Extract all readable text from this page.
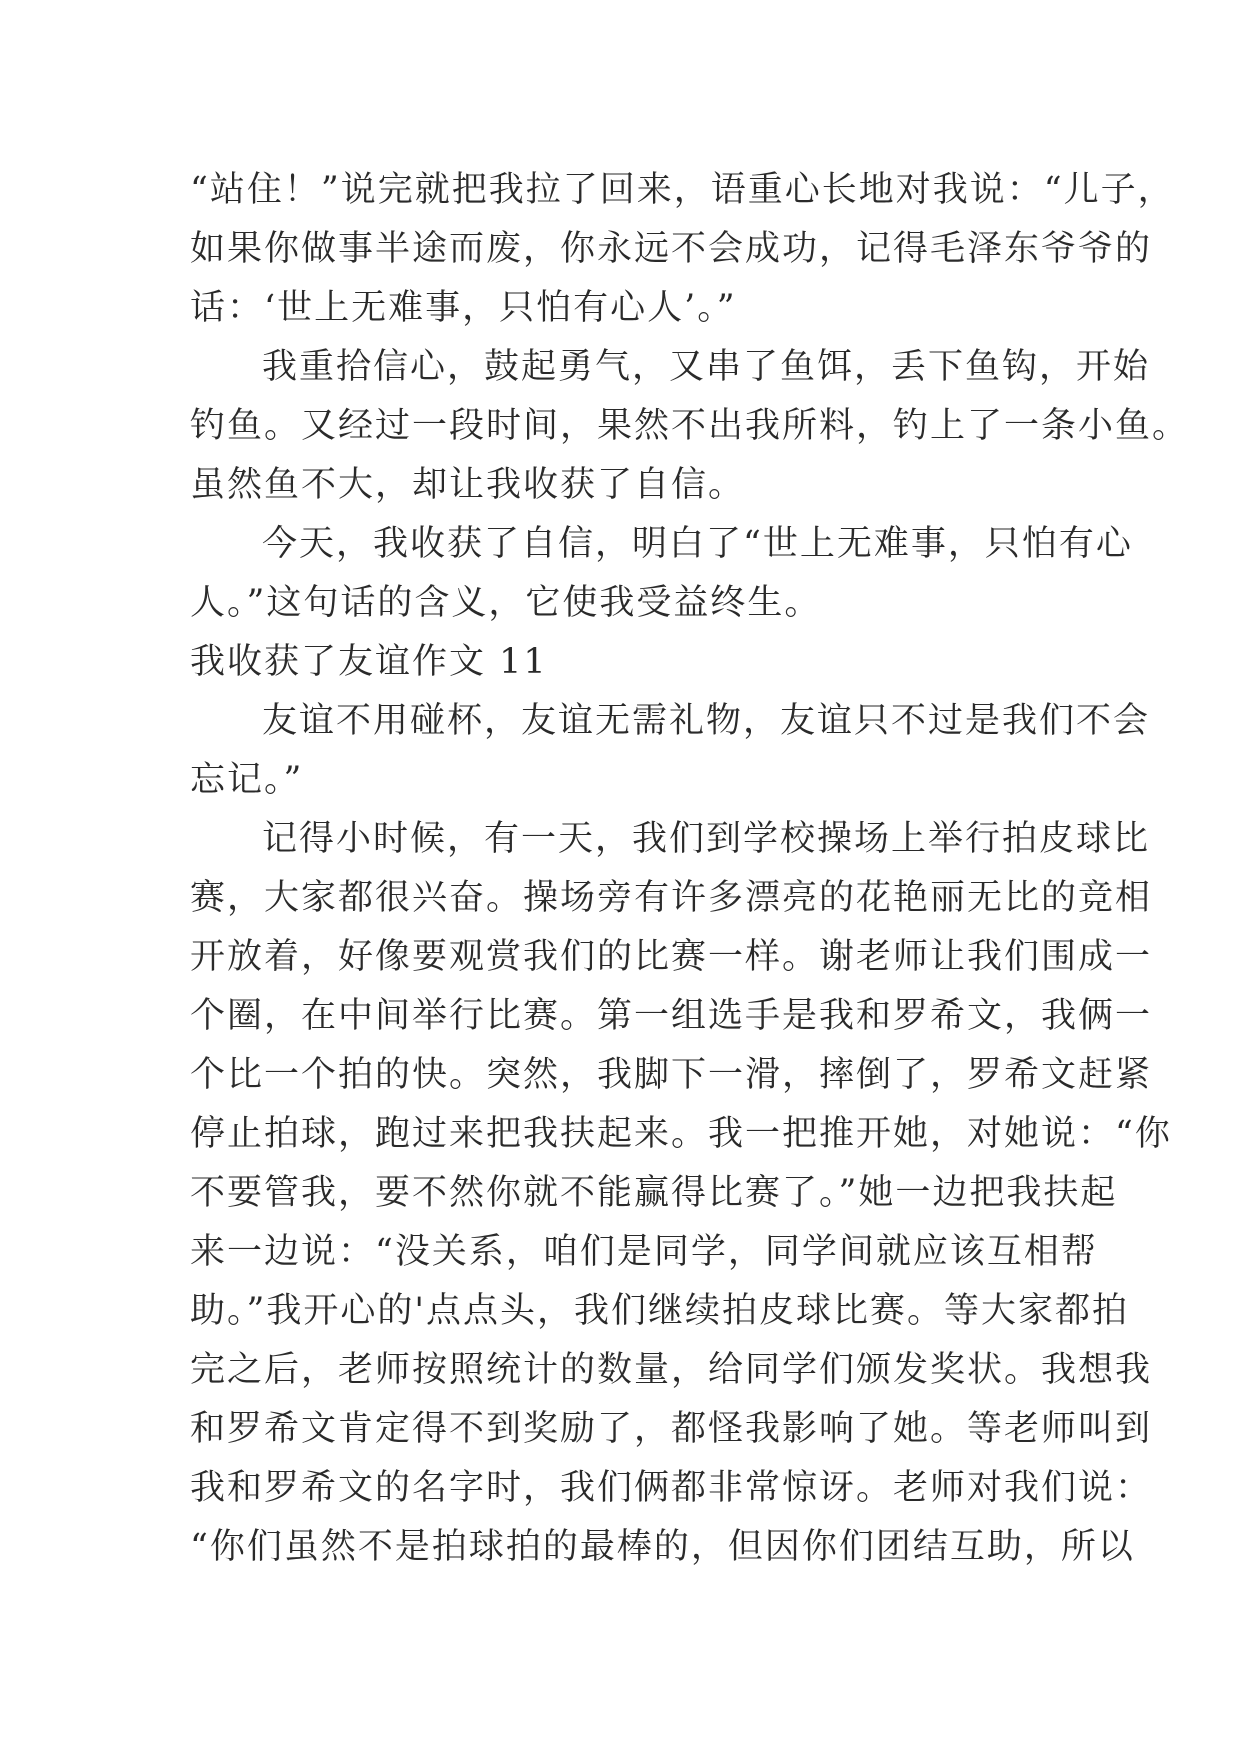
“站住！”说完就把我拉了回来，语重心长地对我说：“儿子，
如果你做事半途而废，你永远不会成功，记得毛泽东爷爷的
话：‘世上无难事，只怕有心人’。”
我重拾信心，鼓起勇气，又串了鱼饵，丢下鱼钩，开始
钓鱼。又经过一段时间，果然不出我所料，钓上了一条小鱼。
虽然鱼不大，却让我收获了自信。
今天，我收获了自信，明白了“世上无难事，只怕有心
人。”这句话的含义，它使我受益终生。
我收获了友谊作文 11
友谊不用碰杯，友谊无需礼物，友谊只不过是我们不会
忘记。”
记得小时候，有一天，我们到学校操场上举行拍皮球比
赛，大家都很兴奋。操场旁有许多漂亮的花艳丽无比的竞相
开放着，好像要观赏我们的比赛一样。谢老师让我们围成一
个圈，在中间举行比赛。第一组选手是我和罗希文，我俩一
个比一个拍的快。突然，我脚下一滑，摔倒了，罗希文赶紧
停止拍球，跑过来把我扶起来。我一把推开她，对她说：“你
不要管我，要不然你就不能赢得比赛了。”她一边把我扶起
来一边说：“没关系，咱们是同学，同学间就应该互相帮
助。”我开心的'点点头，我们继续拍皮球比赛。等大家都拍
完之后，老师按照统计的数量，给同学们颁发奖状。我想我
和罗希文肯定得不到奖励了，都怪我影响了她。等老师叫到
我和罗希文的名字时，我们俩都非常惊讶。老师对我们说：
“你们虽然不是拍球拍的最棒的，但因你们团结互助，所以
